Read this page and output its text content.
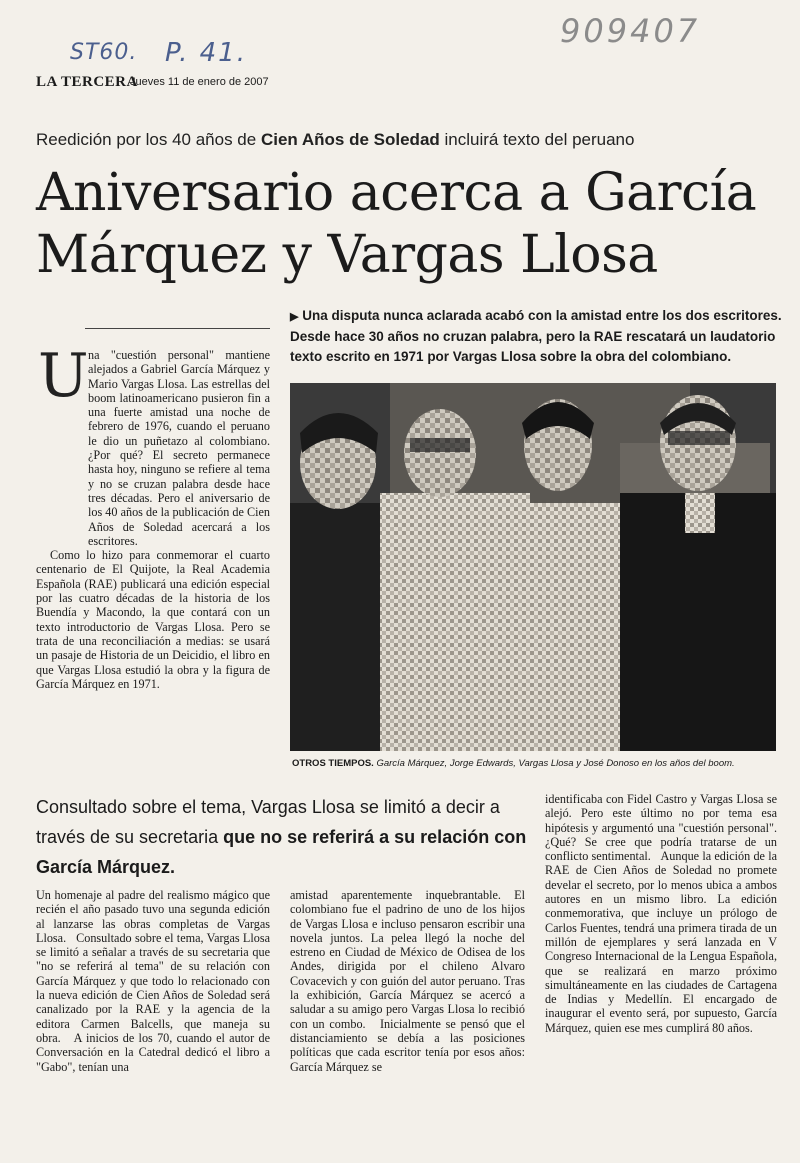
ST60. P. 41.
909407
LA TERCERA
Jueves 11 de enero de 2007
Reedición por los 40 años de Cien Años de Soledad incluirá texto del peruano
Aniversario acerca a García Márquez y Vargas Llosa
▶ Una disputa nunca aclarada acabó con la amistad entre los dos escritores. Desde hace 30 años no cruzan palabra, pero la RAE rescatará un laudatorio texto escrito en 1971 por Vargas Llosa sobre la obra del colombiano.
U na "cuestión personal" mantiene alejados a Gabriel García Márquez y Mario Vargas Llosa. Las estrellas del boom latinoamericano pusieron fin a una fuerte amistad una noche de febrero de 1976, cuando el peruano le dio un puñetazo al colombiano. ¿Por qué? El secreto permanece hasta hoy, ninguno se refiere al tema y no se cruzan palabra desde hace tres décadas. Pero el aniversario de los 40 años de la publicación de Cien Años de Soledad acercará a los escritores.
Como lo hizo para conmemorar el cuarto centenario de El Quijote, la Real Academia Española (RAE) publicará una edición especial por las cuatro décadas de la historia de los Buendía y Macondo, la que contará con un texto introductorio de Vargas Llosa. Pero se trata de una reconciliación a medias: se usará un pasaje de Historia de un Deicidio, el libro en que Vargas Llosa estudió la obra y la figura de García Márquez en 1971.
OTROS TIEMPOS. García Márquez, Jorge Edwards, Vargas Llosa y José Donoso en los años del boom.
Consultado sobre el tema, Vargas Llosa se limitó a decir a través de su secretaria que no se referirá a su relación con García Márquez.
Un homenaje al padre del realismo mágico que recién el año pasado tuvo una segunda edición al lanzarse las obras completas de Vargas Llosa.   Consultado sobre el tema, Vargas Llosa se limitó a señalar a través de su secretaria que "no se referirá al tema" de su relación con García Márquez y que todo lo relacionado con la nueva edición de Cien Años de Soledad será canalizado por la RAE y la agencia de la editora Carmen Balcells, que maneja su obra.   A inicios de los 70, cuando el autor de Conversación en la Catedral dedicó el libro a "Gabo", tenían una
amistad aparentemente inquebrantable. El colombiano fue el padrino de uno de los hijos de Vargas Llosa e incluso pensaron escribir una novela juntos. La pelea llegó la noche del estreno en Ciudad de México de Odisea de los Andes, dirigida por el chileno Alvaro Covacevich y con guión del autor peruano. Tras la exhibición, García Márquez se acercó a saludar a su amigo pero Vargas Llosa lo recibió con un combo.   Inicialmente se pensó que el distanciamiento se debía a las posiciones políticas que cada escritor tenía por esos años: García Márquez se
identificaba con Fidel Castro y Vargas Llosa se alejó. Pero este último no por tema esa hipótesis y argumentó una "cuestión personal". ¿Qué? Se cree que podría tratarse de un conflicto sentimental.   Aunque la edición de la RAE de Cien Años de Soledad no promete develar el secreto, por lo menos ubica a ambos autores en un mismo libro. La edición conmemorativa, que incluye un prólogo de Carlos Fuentes, tendrá una primera tirada de un millón de ejemplares y será lanzada en V Congreso Internacional de la Lengua Española, que se realizará en marzo próximo simultáneamente en las ciudades de Cartagena de Indias y Medellín. El encargado de inaugurar el evento será, por supuesto, García Márquez, quien ese mes cumplirá 80 años.
